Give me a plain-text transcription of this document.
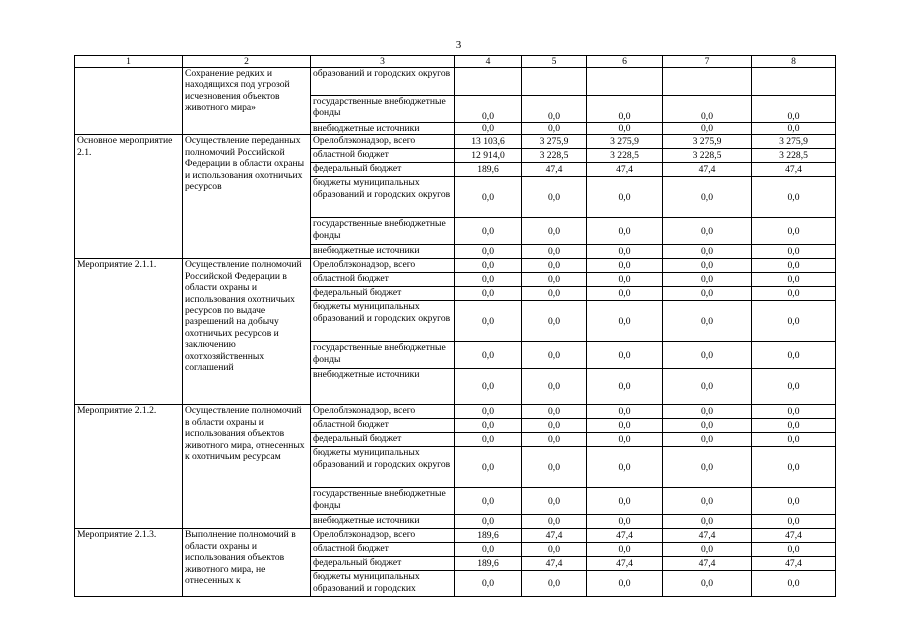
3
1	2	3	4	5	6	7	8
	Сохранение редких и находящихся под угрозой исчезновения объектов животного мира»	образований и городских округов					
		государственные внебюджетные фонды	0,0	0,0	0,0	0,0	0,0
		внебюджетные источники	0,0	0,0	0,0	0,0	0,0
Основное мероприятие 2.1.	Осуществление переданных полномочий Российской Федерации в области охраны и использования охотничьих ресурсов	Орелоблэконадзор, всего	13 103,6	3 275,9	3 275,9	3 275,9	3 275,9
		областной бюджет	12 914,0	3 228,5	3 228,5	3 228,5	3 228,5
		федеральный бюджет	189,6	47,4	47,4	47,4	47,4
		бюджеты муниципальных образований и городских округов	0,0	0,0	0,0	0,0	0,0
		государственные внебюджетные фонды	0,0	0,0	0,0	0,0	0,0
		внебюджетные источники	0,0	0,0	0,0	0,0	0,0
Мероприятие 2.1.1.	Осуществление полномочий Российской Федерации в области охраны и использования охотничьих ресурсов по выдаче разрешений на добычу охотничьих ресурсов и заключению охотхозяйственных соглашений	Орелоблэконадзор, всего	0,0	0,0	0,0	0,0	0,0
		областной бюджет	0,0	0,0	0,0	0,0	0,0
		федеральный бюджет	0,0	0,0	0,0	0,0	0,0
		бюджеты муниципальных образований и городских округов	0,0	0,0	0,0	0,0	0,0
		государственные внебюджетные фонды	0,0	0,0	0,0	0,0	0,0
		внебюджетные источники	0,0	0,0	0,0	0,0	0,0
Мероприятие 2.1.2.	Осуществление полномочий в области охраны и использования объектов животного мира, отнесенных к охотничьим ресурсам	Орелоблэконадзор, всего	0,0	0,0	0,0	0,0	0,0
		областной бюджет	0,0	0,0	0,0	0,0	0,0
		федеральный бюджет	0,0	0,0	0,0	0,0	0,0
		бюджеты муниципальных образований и городских округов	0,0	0,0	0,0	0,0	0,0
		государственные внебюджетные фонды	0,0	0,0	0,0	0,0	0,0
		внебюджетные источники	0,0	0,0	0,0	0,0	0,0
Мероприятие 2.1.3.	Выполнение полномочий в области охраны и использования объектов животного мира, не отнесенных к	Орелоблэконадзор, всего	189,6	47,4	47,4	47,4	47,4
		областной бюджет	0,0	0,0	0,0	0,0	0,0
		федеральный бюджет	189,6	47,4	47,4	47,4	47,4
		бюджеты муниципальных образований и городских	0,0	0,0	0,0	0,0	0,0
